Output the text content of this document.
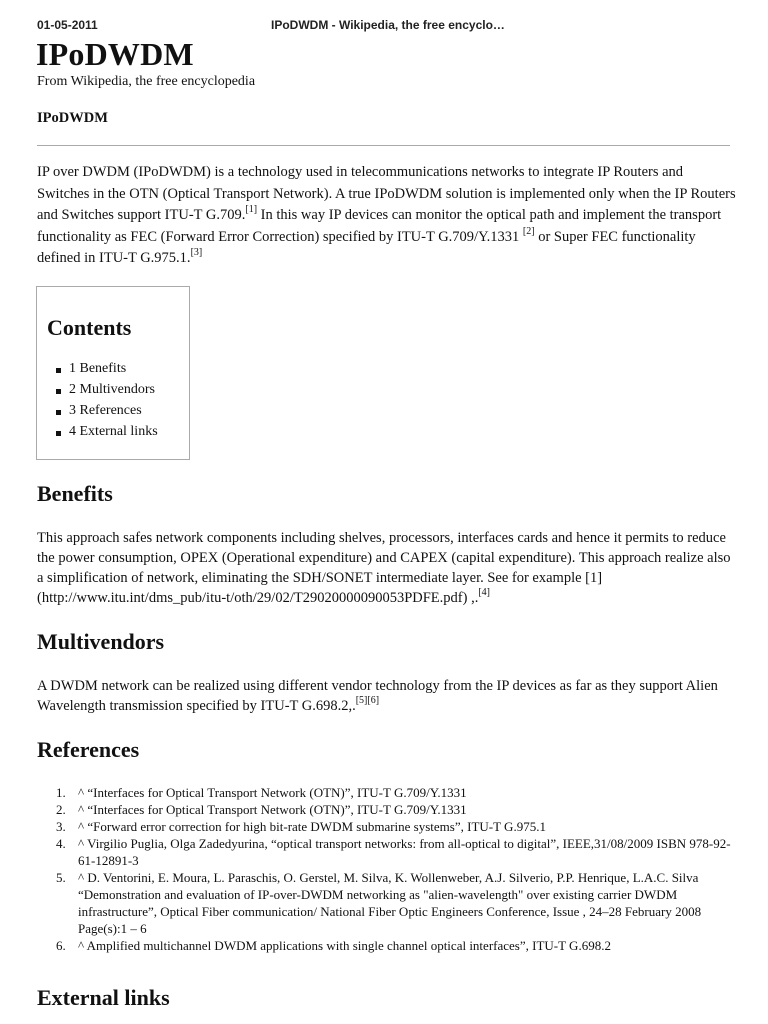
01-05-2011	IPoDWDM - Wikipedia, the free encyclo…
IPoDWDM
From Wikipedia, the free encyclopedia
IPoDWDM
IP over DWDM (IPoDWDM) is a technology used in telecommunications networks to integrate IP Routers and Switches in the OTN (Optical Transport Network). A true IPoDWDM solution is implemented only when the IP Routers and Switches support ITU-T G.709.[1] In this way IP devices can monitor the optical path and implement the transport functionality as FEC (Forward Error Correction) specified by ITU-T G.709/Y.1331 [2] or Super FEC functionality defined in ITU-T G.975.1.[3]
Contents
1 Benefits
2 Multivendors
3 References
4 External links
Benefits
This approach safes network components including shelves, processors, interfaces cards and hence it permits to reduce the power consumption, OPEX (Operational expenditure) and CAPEX (capital expenditure). This approach realize also a simplification of network, eliminating the SDH/SONET intermediate layer. See for example [1] (http://www.itu.int/dms_pub/itu-t/oth/29/02/T29020000090053PDFE.pdf) ,.[4]
Multivendors
A DWDM network can be realized using different vendor technology from the IP devices as far as they support Alien Wavelength transmission specified by ITU-T G.698.2,.[5][6]
References
1. ^ “Interfaces for Optical Transport Network (OTN)”, ITU-T G.709/Y.1331
2. ^ “Interfaces for Optical Transport Network (OTN)”, ITU-T G.709/Y.1331
3. ^ “Forward error correction for high bit-rate DWDM submarine systems”, ITU-T G.975.1
4. ^ Virgilio Puglia, Olga Zadedyurina, “optical transport networks: from all-optical to digital”, IEEE,31/08/2009 ISBN 978-92-61-12891-3
5. ^ D. Ventorini, E. Moura, L. Paraschis, O. Gerstel, M. Silva, K. Wollenweber, A.J. Silverio, P.P. Henrique, L.A.C. Silva “Demonstration and evaluation of IP-over-DWDM networking as "alien-wavelength" over existing carrier DWDM infrastructure”, Optical Fiber communication/ National Fiber Optic Engineers Conference, Issue , 24–28 February 2008 Page(s):1 – 6
6. ^ Amplified multichannel DWDM applications with single channel optical interfaces”, ITU-T G.698.2
External links
